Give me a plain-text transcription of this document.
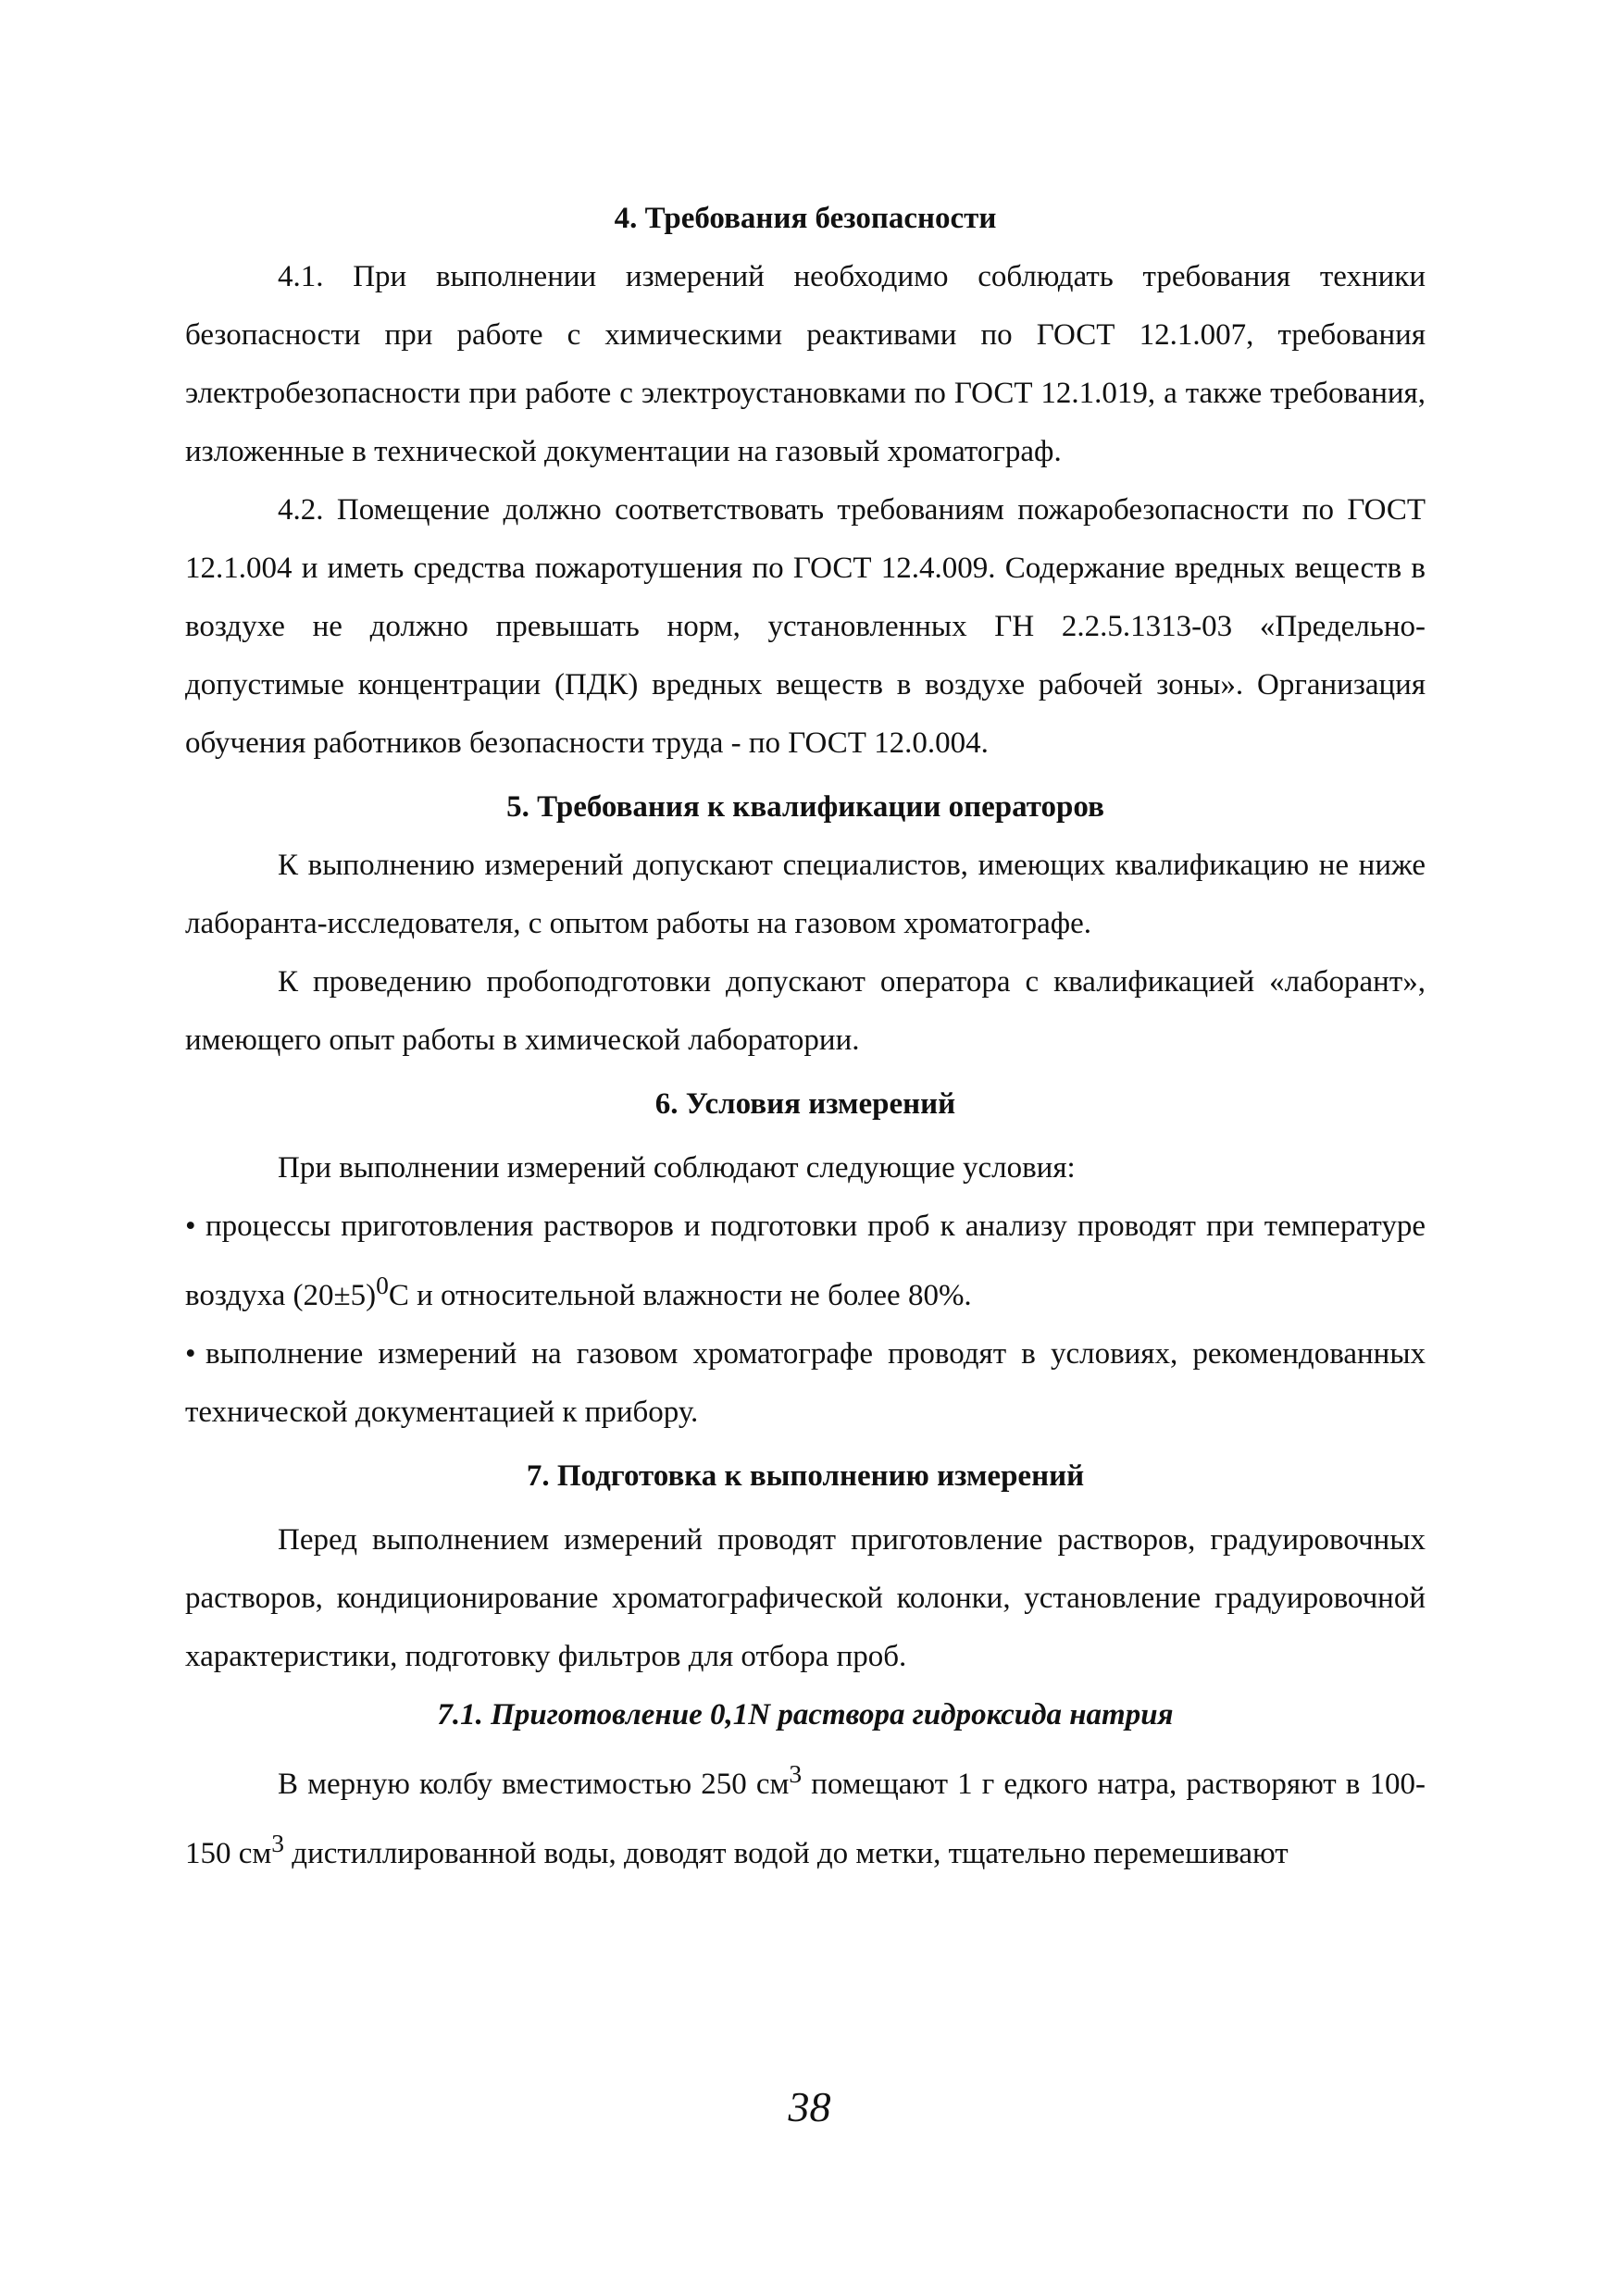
4. Требования безопасности

4.1. При выполнении измерений необходимо соблюдать требования техники безопасности при работе с химическими реактивами по ГОСТ 12.1.007, требования электробезопасности при работе с электроустановками по ГОСТ 12.1.019, а также требования, изложенные в технической документации на газовый хроматограф.

4.2. Помещение должно соответствовать требованиям пожаробезопасности по ГОСТ 12.1.004 и иметь средства пожаротушения по ГОСТ 12.4.009. Содержание вредных веществ в воздухе не должно превышать норм, установленных ГН 2.2.5.1313-03 «Предельно-допустимые концентрации (ПДК) вредных веществ в воздухе рабочей зоны». Организация обучения работников безопасности труда - по ГОСТ 12.0.004.

5. Требования к квалификации операторов

К выполнению измерений допускают специалистов, имеющих квалификацию не ниже лаборанта-исследователя, с опытом работы на газовом хроматографе.

К проведению пробоподготовки допускают оператора с квалификацией «лаборант», имеющего опыт работы в химической лаборатории.

6. Условия измерений

При выполнении измерений соблюдают следующие условия:

• процессы приготовления растворов и подготовки проб к анализу проводят при температуре воздуха $(20\pm 5)^0С$ и относительной влажности не более 80%.
• выполнение измерений на газовом хроматографе проводят в условиях, рекомендованных технической документацией к прибору.
7. Подготовка к выполнению измерений

Перед выполнением измерений проводят приготовление растворов, градуировочных растворов, кондиционирование хроматографической колонки, установление градуировочной характеристики, подготовку фильтров для отбора проб.

7.1. Приготовление 0,1N раствора гидроксида натрия

В мерную колбу вместимостью 250 $см^3$ помещают 1 г едкого натра, растворяют в 100-150 $см^3$ дистиллированной воды, доводят водой до метки, тщательно перемешивают

38
